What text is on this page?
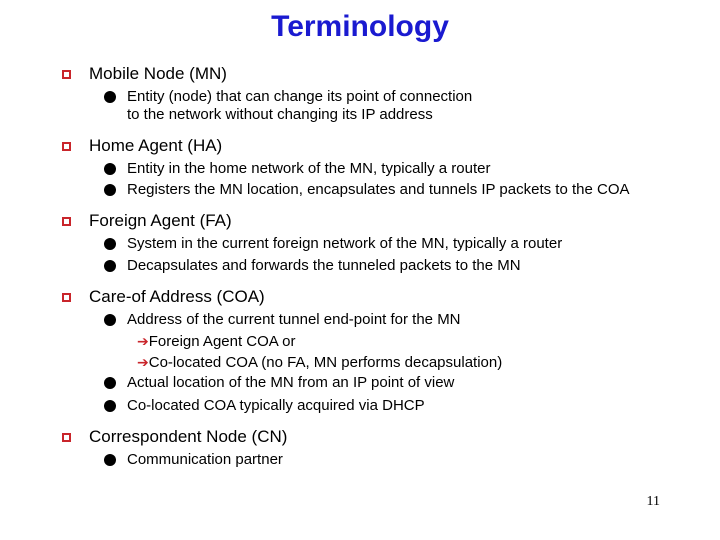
Terminology
Mobile Node (MN)
Entity (node) that can change its point of connection
to the network without changing its IP address
Home Agent (HA)
Entity in the home network of the MN, typically a router
Registers the MN location, encapsulates and tunnels IP packets to the COA
Foreign Agent (FA)
System in the current foreign network of the MN, typically a router
Decapsulates and forwards the tunneled packets to the MN
Care-of Address (COA)
Address of the current tunnel end-point for the MN
➔Foreign Agent COA or
➔Co-located COA (no FA, MN performs decapsulation)
Actual location of the MN from an IP point of view
Co-located COA typically acquired via DHCP
Correspondent Node (CN)
Communication partner
11
